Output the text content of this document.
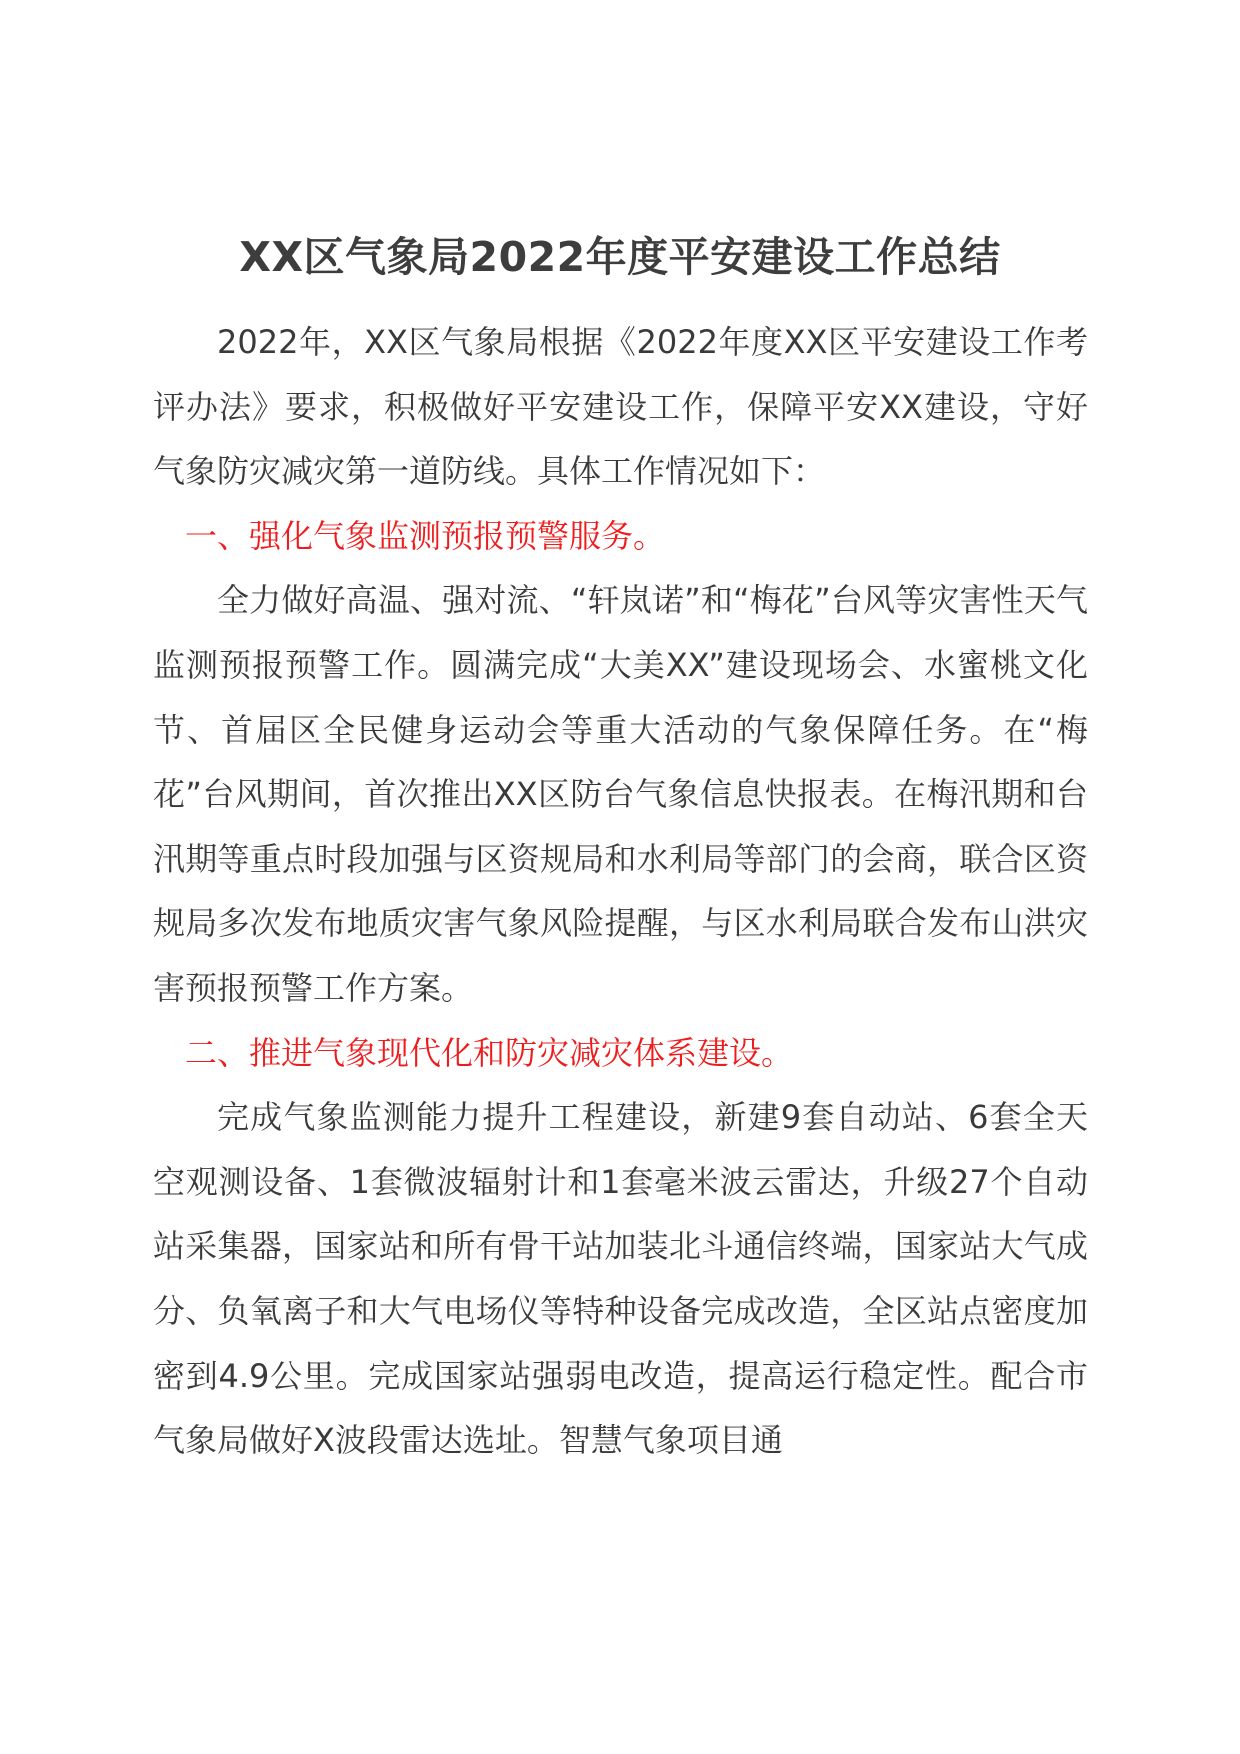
XX区气象局2022年度平安建设工作总结

2022年，XX区气象局根据《2022年度XX区平安建设工作考评办法》要求，积极做好平安建设工作，保障平安XX建设，守好气象防灾减灾第一道防线。具体工作情况如下：

一、强化气象监测预报预警服务。

全力做好高温、强对流、“轩岚诺”和“梅花”台风等灾害性天气监测预报预警工作。圆满完成“大美XX”建设现场会、水蜜桃文化节、首届区全民健身运动会等重大活动的气象保障任务。在“梅花”台风期间，首次推出XX区防台气象信息快报表。在梅汛期和台汛期等重点时段加强与区资规局和水利局等部门的会商，联合区资规局多次发布地质灾害气象风险提醒，与区水利局联合发布山洪灾害预报预警工作方案。

二、推进气象现代化和防灾减灾体系建设。

完成气象监测能力提升工程建设，新建9套自动站、6套全天空观测设备、1套微波辐射计和1套毫米波云雷达，升级27个自动站采集器，国家站和所有骨干站加装北斗通信终端，国家站大气成分、负氧离子和大气电场仪等特种设备完成改造，全区站点密度加密到4.9公里。完成国家站强弱电改造，提高运行稳定性。配合市气象局做好X波段雷达选址。智慧气象项目通
